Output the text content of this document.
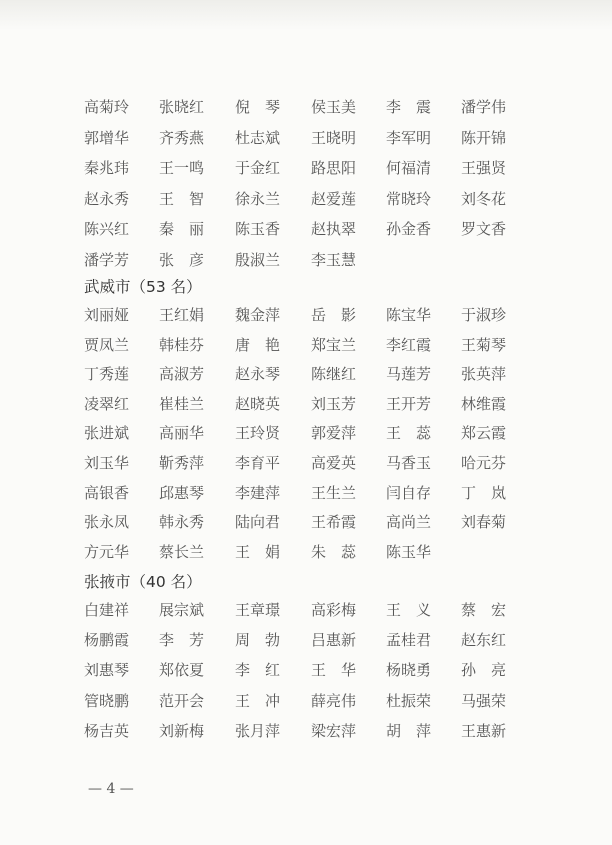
高菊玲	张晓红	倪　琴	侯玉美	李　震	潘学伟
郭增华	齐秀燕	杜志斌	王晓明	李军明	陈开锦
秦兆玮	王一鸣	于金红	路思阳	何福清	王强贤
赵永秀	王　智	徐永兰	赵爱莲	常晓玲	刘冬花
陈兴红	秦　丽	陈玉香	赵执翠	孙金香	罗文香
潘学芳	张　彦	殷淑兰	李玉慧
武威市（53 名）
刘丽娅	王红娟	魏金萍	岳　影	陈宝华	于淑珍
贾凤兰	韩桂芬	唐　艳	郑宝兰	李红霞	王菊琴
丁秀莲	高淑芳	赵永琴	陈继红	马莲芳	张英萍
凌翠红	崔桂兰	赵晓英	刘玉芳	王开芳	林维霞
张进斌	高丽华	王玲贤	郭爱萍	王　蕊	郑云霞
刘玉华	靳秀萍	李育平	高爱英	马香玉	哈元芬
高银香	邱惠琴	李建萍	王生兰	闫自存	丁　岚
张永凤	韩永秀	陆向君	王希霞	高尚兰	刘春菊
方元华	蔡长兰	王　娟	朱　蕊	陈玉华
张掖市（40 名）
白建祥	展宗斌	王章璟	高彩梅	王　义	蔡　宏
杨鹏霞	李　芳	周　勃	吕惠新	孟桂君	赵东红
刘惠琴	郑依夏	李　红	王　华	杨晓勇	孙　亮
管晓鹏	范开会	王　冲	薛亮伟	杜振荣	马强荣
杨吉英	刘新梅	张月萍	梁宏萍	胡　萍	王惠新
— 4 —
